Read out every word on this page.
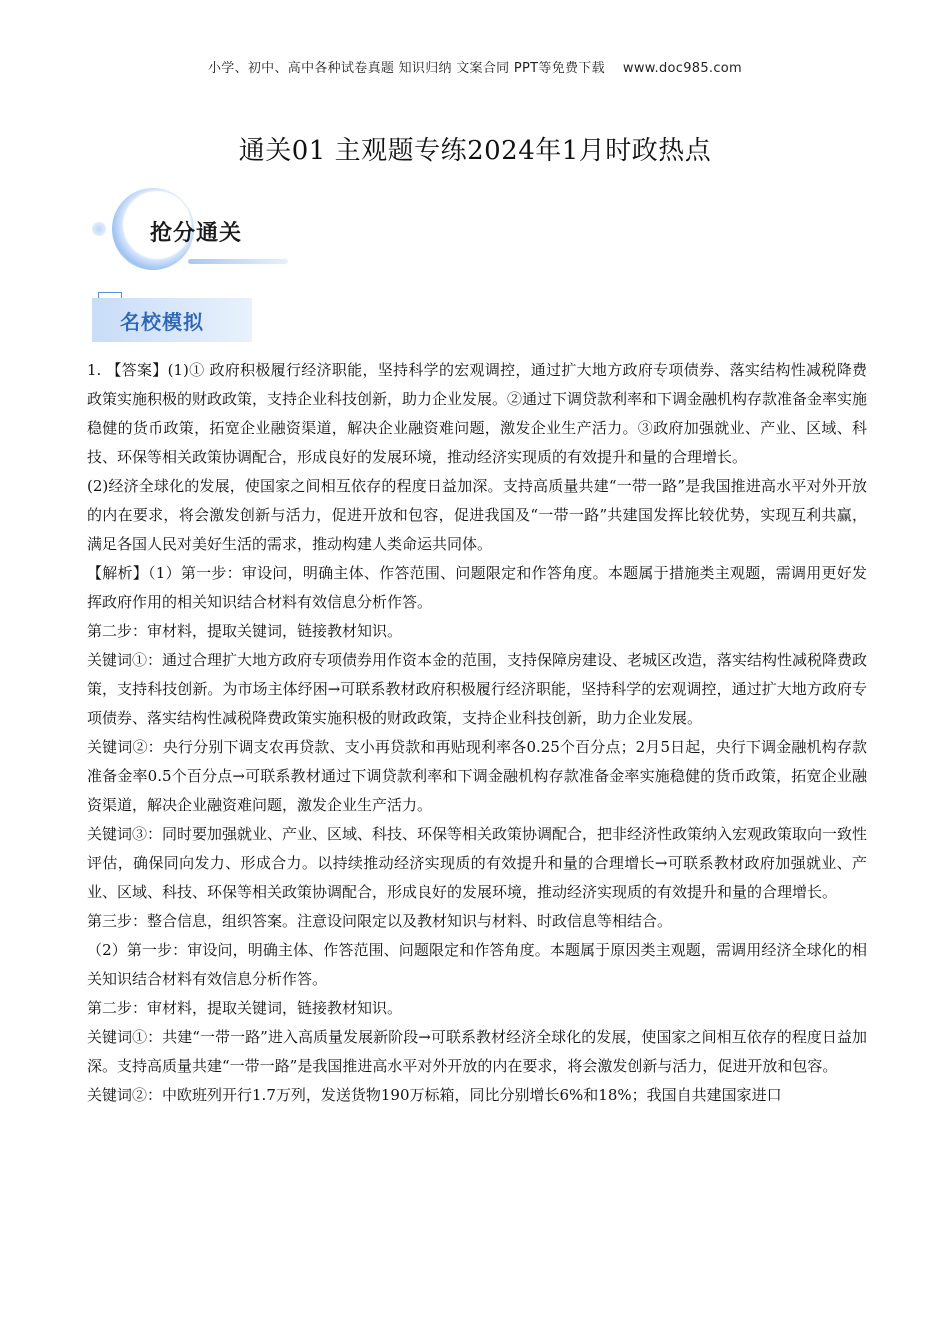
小学、初中、高中各种试卷真题 知识归纳 文案合同 PPT等免费下载 www.doc985.com
通关01 主观题专练2024年1月时政热点
抢分通关
名校模拟

1. 【答案】(1)① 政府积极履行经济职能，坚持科学的宏观调控，通过扩大地方政府专项债券、落实结构性减税降费政策实施积极的财政政策，支持企业科技创新，助力企业发展。②通过下调贷款利率和下调金融机构存款准备金率实施稳健的货币政策，拓宽企业融资渠道，解决企业融资难问题，激发企业生产活力。③政府加强就业、产业、区域、科技、环保等相关政策协调配合，形成良好的发展环境，推动经济实现质的有效提升和量的合理增长。

(2)经济全球化的发展，使国家之间相互依存的程度日益加深。支持高质量共建“一带一路”是我国推进高水平对外开放的内在要求，将会激发创新与活力，促进开放和包容，促进我国及“一带一路”共建国发挥比较优势，实现互利共赢，满足各国人民对美好生活的需求，推动构建人类命运共同体。

【解析】（1）第一步：审设问，明确主体、作答范围、问题限定和作答角度。本题属于措施类主观题，需调用更好发挥政府作用的相关知识结合材料有效信息分析作答。

第二步：审材料，提取关键词，链接教材知识。

关键词①：通过合理扩大地方政府专项债券用作资本金的范围，支持保障房建设、老城区改造，落实结构性减税降费政策，支持科技创新。为市场主体纾困→可联系教材政府积极履行经济职能，坚持科学的宏观调控，通过扩大地方政府专项债券、落实结构性减税降费政策实施积极的财政政策，支持企业科技创新，助力企业发展。

关键词②：央行分别下调支农再贷款、支小再贷款和再贴现利率各0.25个百分点；2月5日起，央行下调金融机构存款准备金率0.5个百分点→可联系教材通过下调贷款利率和下调金融机构存款准备金率实施稳健的货币政策，拓宽企业融资渠道，解决企业融资难问题，激发企业生产活力。

关键词③：同时要加强就业、产业、区域、科技、环保等相关政策协调配合，把非经济性政策纳入宏观政策取向一致性评估，确保同向发力、形成合力。以持续推动经济实现质的有效提升和量的合理增长→可联系教材政府加强就业、产业、区域、科技、环保等相关政策协调配合，形成良好的发展环境，推动经济实现质的有效提升和量的合理增长。

第三步：整合信息，组织答案。注意设问限定以及教材知识与材料、时政信息等相结合。

（2）第一步：审设问，明确主体、作答范围、问题限定和作答角度。本题属于原因类主观题，需调用经济全球化的相关知识结合材料有效信息分析作答。

第二步：审材料，提取关键词，链接教材知识。

关键词①：共建“一带一路”进入高质量发展新阶段→可联系教材经济全球化的发展，使国家之间相互依存的程度日益加深。支持高质量共建“一带一路”是我国推进高水平对外开放的内在要求，将会激发创新与活力，促进开放和包容。

关键词②：中欧班列开行1.7万列，发送货物190万标箱，同比分别增长6%和18%；我国自共建国家进口
